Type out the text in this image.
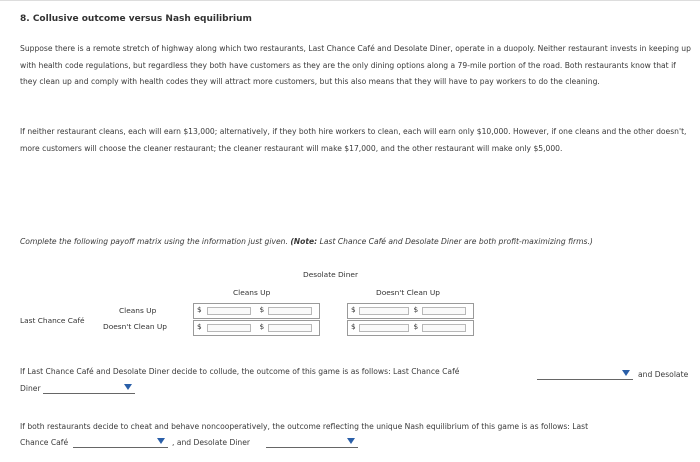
8. Collusive outcome versus Nash equilibrium
Suppose there is a remote stretch of highway along which two restaurants, Last Chance Café and Desolate Diner, operate in a duopoly. Neither restaurant invests in keeping up with health code regulations, but regardless they both have customers as they are the only dining options along a 79-mile portion of the road. Both restaurants know that if they clean up and comply with health codes they will attract more customers, but this also means that they will have to pay workers to do the cleaning.
If neither restaurant cleans, each will earn $13,000; alternatively, if they both hire workers to clean, each will earn only $10,000. However, if one cleans and the other doesn't, more customers will choose the cleaner restaurant; the cleaner restaurant will make $17,000, and the other restaurant will make only $5,000.
Complete the following payoff matrix using the information just given. (Note: Last Chance Café and Desolate Diner are both profit-maximizing firms.)
Desolate Diner
Cleans Up	Doesn't Clean Up
Last Chance Café
Cleans Up
Doesn't Clean Up
$	$	$	$
$	$	$	$
If Last Chance Café and Desolate Diner decide to collude, the outcome of this game is as follows: Last Chance Café	and Desolate
Diner
If both restaurants decide to cheat and behave noncooperatively, the outcome reflecting the unique Nash equilibrium of this game is as follows: Last
Chance Café	, and Desolate Diner
